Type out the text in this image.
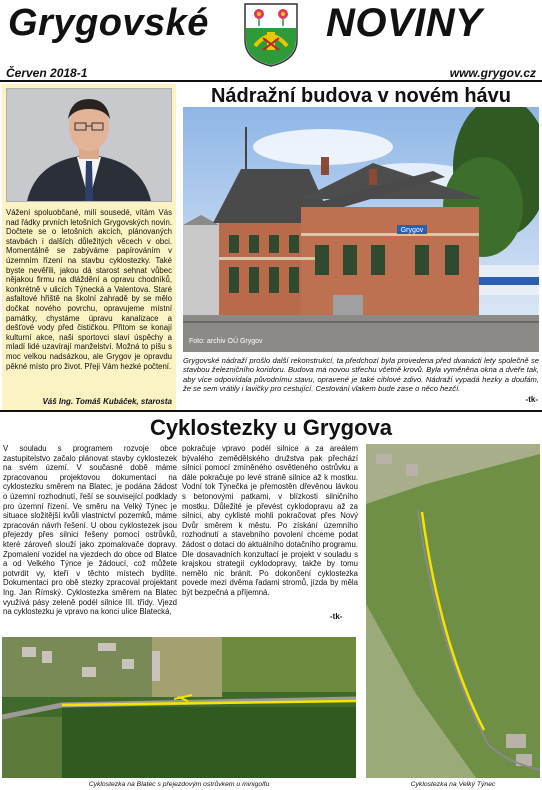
Grygovské	NOVINY
Červen 2018-1	www.grygov.cz
Vážení spoluobčané, milí sousedé, vítám Vás nad řádky prvních letošních Grygovských novin. Dočtete se o letošních akcích, plánovaných stavbách i dalších důležitých věcech v obci. Momentálně se zabýváme papírováním v územním řízení na stavbu cyklostezky. Také byste nevěřili, jakou dá starost sehnat vůbec nějakou firmu na dláždění a opravu chodníků, konkrétně v ulicích Týnecká a Valentova. Staré asfaltové hřiště na školní zahradě by se mělo dočkat nového povrchu, opravujeme místní památky, chystáme úpravu kanalizace a dešťové vody před čističkou. Přitom se konají kulturní akce, naši sportovci slaví úspěchy a mladí lidé uzavírají manželství. Možná to píšu s moc velkou nadsázkou, ale Grygov je opravdu pěkné místo pro život. Přeji Vám hezké počtení.
Váš Ing. Tomáš Kubáček, starosta
Nádražní budova v novém hávu
Grygov
Foto: archiv OÚ Grygov
Grygovské nádraží prošlo další rekonstrukcí, ta předchozí byla provedena před dvanácti lety společně se stavbou železničního koridoru. Budova má novou střechu včetně krovů. Byla vyměněna okna a dveře tak, aby více odpovídala původnímu stavu, opravené je také cihlové zdivo. Nádraží vypadá hezky a doufám, že se sem vrátily i lavičky pro cestující. Cestování vlakem bude zase o něco hezčí.
-tk-
Cyklostezky u Grygova
V souladu s programem rozvoje obce zastupitelstvo začalo plánovat stavby cyklostezek na svém území. V současné době máme zpracovanou projektovou dokumentaci na cyklostezku směrem na Blatec, je podána žádost o územní rozhodnutí, řeší se související podklady pro územní řízení. Ve směru na Velký Týnec je situace složitější kvůli vlastnictví pozemků, máme zpracován návrh řešení. U obou cyklostezek jsou přejezdy přes silnici řešeny pomocí ostrůvků, které zároveň slouží jako zpomalovače dopravy. Zpomalení vozidel na vjezdech do obce od Blatce a od Velkého Týnce je žádoucí, což můžete potvrdit vy, kteří v těchto místech bydlíte. Dokumentaci pro obě stezky zpracoval projektant Ing. Jan Římský. Cyklostezka směrem na Blatec využívá pásy zeleně podél silnice III. třídy. Vjezd na cyklostezku je vpravo na konci ulice Blatecká,
pokračuje vpravo podél silnice a za areálem bývalého zemědělského družstva pak přechází silnici pomocí zmíněného osvětleného ostrůvku a dále pokračuje po levé straně silnice až k mostku. Vodní tok Týnečka je přemostěn dřevěnou lávkou s betonovými patkami, v blízkosti silničního mostku. Důležité je převést cyklodopravu až za silnici, aby cyklisté mohli pokračovat přes Nový Dvůr směrem k městu. Po získání územního rozhodnutí a stavebního povolení chceme podat žádost o dotaci do aktuálního dotačního programu. Dle dosavadních konzultací je projekt v souladu s krajskou strategií cyklodopravy, takže by tomu nemělo nic bránit. Po dokončení cyklostezka povede mezi dvěma řadami stromů, jízda by měla být bezpečná a příjemná.
-tk-
Cyklostezka na Blatec s přejezdovým ostrůvkem u minigolfu	Cyklostezka na Velký Týnec
